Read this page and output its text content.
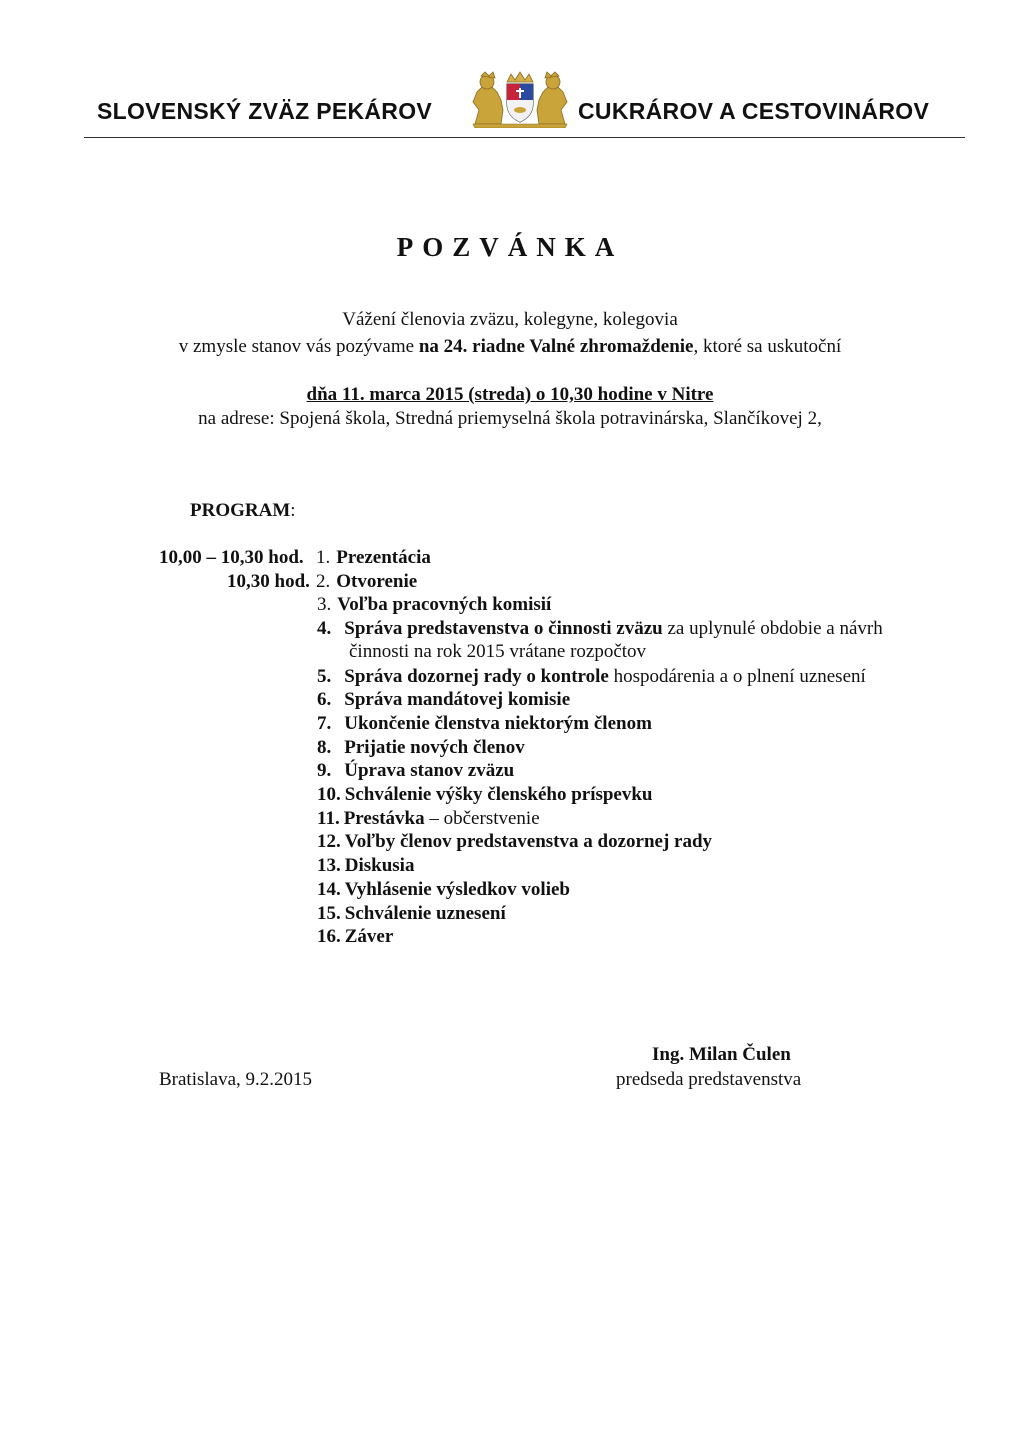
SLOVENSKÝ ZVÄZ PEKÁROV	CUKRÁROV A CESTOVINÁROV
POZVÁNKA
Vážení členovia zväzu, kolegyne, kolegovia
v zmysle stanov vás pozývame na 24. riadne Valné zhromaždenie, ktoré sa uskutoční
dňa 11. marca 2015 (streda) o 10,30 hodine v Nitre
na adrese: Spojená škola, Stredná priemyselná škola potravinárska, Slančíkovej 2,
PROGRAM:
10,00 – 10,30 hod.
10,30 hod.
1. Prezentácia
2. Otvorenie
3. Voľba pracovných komisií
4. Správa predstavenstva o činnosti zväzu za uplynulé obdobie a návrh
činnosti na rok 2015 vrátane rozpočtov
5. Správa dozornej rady o kontrole hospodárenia a o plnení uznesení
6. Správa mandátovej komisie
7. Ukončenie členstva niektorým členom
8. Prijatie nových členov
9. Úprava stanov zväzu
10. Schválenie výšky členského príspevku
11. Prestávka – občerstvenie
12. Voľby členov predstavenstva a dozornej rady
13. Diskusia
14. Vyhlásenie výsledkov volieb
15. Schválenie uznesení
16. Záver
Bratislava, 9.2.2015
Ing. Milan Čulen
predseda predstavenstva
